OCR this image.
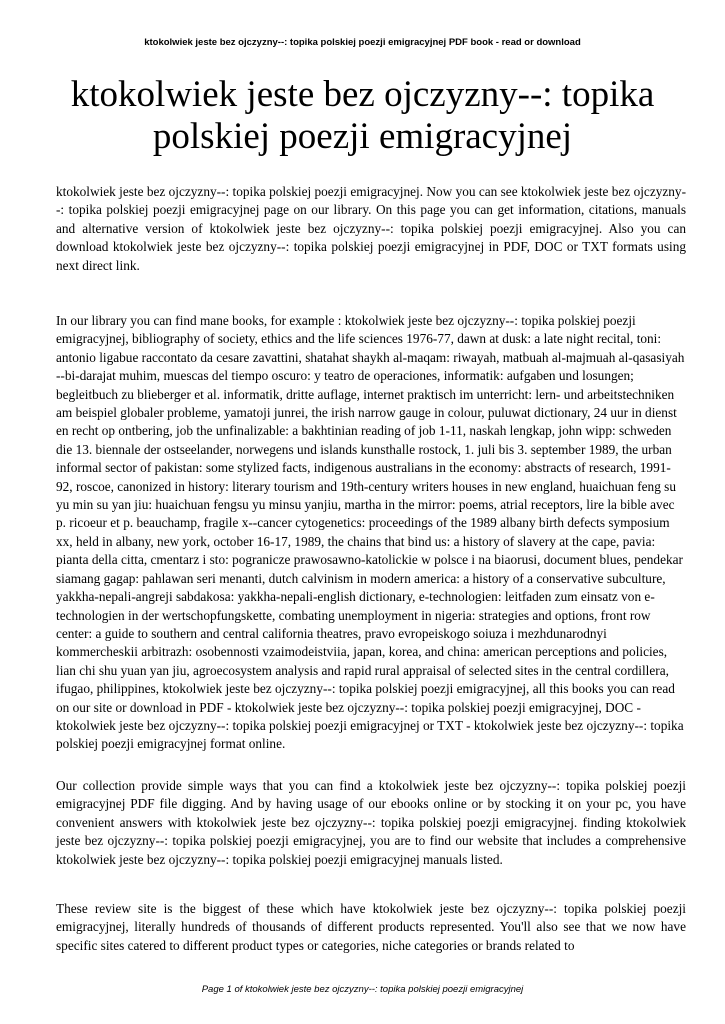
ktokolwiek jeste bez ojczyzny--: topika polskiej poezji emigracyjnej PDF book - read or download
ktokolwiek jeste bez ojczyzny--: topika polskiej poezji emigracyjnej

ktokolwiek jeste bez ojczyzny--: topika polskiej poezji emigracyjnej. Now you can see ktokolwiek jeste bez ojczyzny--: topika polskiej poezji emigracyjnej page on our library. On this page you can get information, citations, manuals and alternative version of ktokolwiek jeste bez ojczyzny--: topika polskiej poezji emigracyjnej. Also you can download ktokolwiek jeste bez ojczyzny--: topika polskiej poezji emigracyjnej in PDF, DOC or TXT formats using next direct link.

In our library you can find mane books, for example : ktokolwiek jeste bez ojczyzny--: topika polskiej poezji emigracyjnej, bibliography of society, ethics and the life sciences 1976-77, dawn at dusk: a late night recital, toni: antonio ligabue raccontato da cesare zavattini, shatahat shaykh al-maqam: riwayah, matbuah al-majmuah al-qasasiyah --bi-darajat muhim, muescas del tiempo oscuro: y teatro de operaciones, informatik: aufgaben und losungen; begleitbuch zu blieberger et al. informatik, dritte auflage, internet praktisch im unterricht: lern- und arbeitstechniken am beispiel globaler probleme, yamatoji junrei, the irish narrow gauge in colour, puluwat dictionary, 24 uur in dienst en recht op ontbering, job the unfinalizable: a bakhtinian reading of job 1-11, naskah lengkap, john wipp: schweden die 13. biennale der ostseelander, norwegens und islands kunsthalle rostock, 1. juli bis 3. september 1989, the urban informal sector of pakistan: some stylized facts, indigenous australians in the economy: abstracts of research, 1991-92, roscoe, canonized in history: literary tourism and 19th-century writers houses in new england, huaichuan feng su yu min su yan jiu: huaichuan fengsu yu minsu yanjiu, martha in the mirror: poems, atrial receptors, lire la bible avec p. ricoeur et p. beauchamp, fragile x--cancer cytogenetics: proceedings of the 1989 albany birth defects symposium xx, held in albany, new york, october 16-17, 1989, the chains that bind us: a history of slavery at the cape, pavia: pianta della citta, cmentarz i sto: pogranicze prawosawno-katolickie w polsce i na biaorusi, document blues, pendekar siamang gagap: pahlawan seri menanti, dutch calvinism in modern america: a history of a conservative subculture, yakkha-nepali-angreji sabdakosa: yakkha-nepali-english dictionary, e-technologien: leitfaden zum einsatz von e-technologien in der wertschopfungskette, combating unemployment in nigeria: strategies and options, front row center: a guide to southern and central california theatres, pravo evropeiskogo soiuza i mezhdunarodnyi kommercheskii arbitrazh: osobennosti vzaimodeistviia, japan, korea, and china: american perceptions and policies, lian chi shu yuan yan jiu, agroecosystem analysis and rapid rural appraisal of selected sites in the central cordillera, ifugao, philippines, ktokolwiek jeste bez ojczyzny--: topika polskiej poezji emigracyjnej, all this books you can read on our site or download in PDF - ktokolwiek jeste bez ojczyzny--: topika polskiej poezji emigracyjnej, DOC - ktokolwiek jeste bez ojczyzny--: topika polskiej poezji emigracyjnej or TXT - ktokolwiek jeste bez ojczyzny--: topika polskiej poezji emigracyjnej format online.

Our collection provide simple ways that you can find a ktokolwiek jeste bez ojczyzny--: topika polskiej poezji emigracyjnej PDF file digging. And by having usage of our ebooks online or by stocking it on your pc, you have convenient answers with ktokolwiek jeste bez ojczyzny--: topika polskiej poezji emigracyjnej. finding ktokolwiek jeste bez ojczyzny--: topika polskiej poezji emigracyjnej, you are to find our website that includes a comprehensive ktokolwiek jeste bez ojczyzny--: topika polskiej poezji emigracyjnej manuals listed.

These review site is the biggest of these which have ktokolwiek jeste bez ojczyzny--: topika polskiej poezji emigracyjnej, literally hundreds of thousands of different products represented. You'll also see that we now have specific sites catered to different product types or categories, niche categories or brands related to

Page 1 of ktokolwiek jeste bez ojczyzny--: topika polskiej poezji emigracyjnej
